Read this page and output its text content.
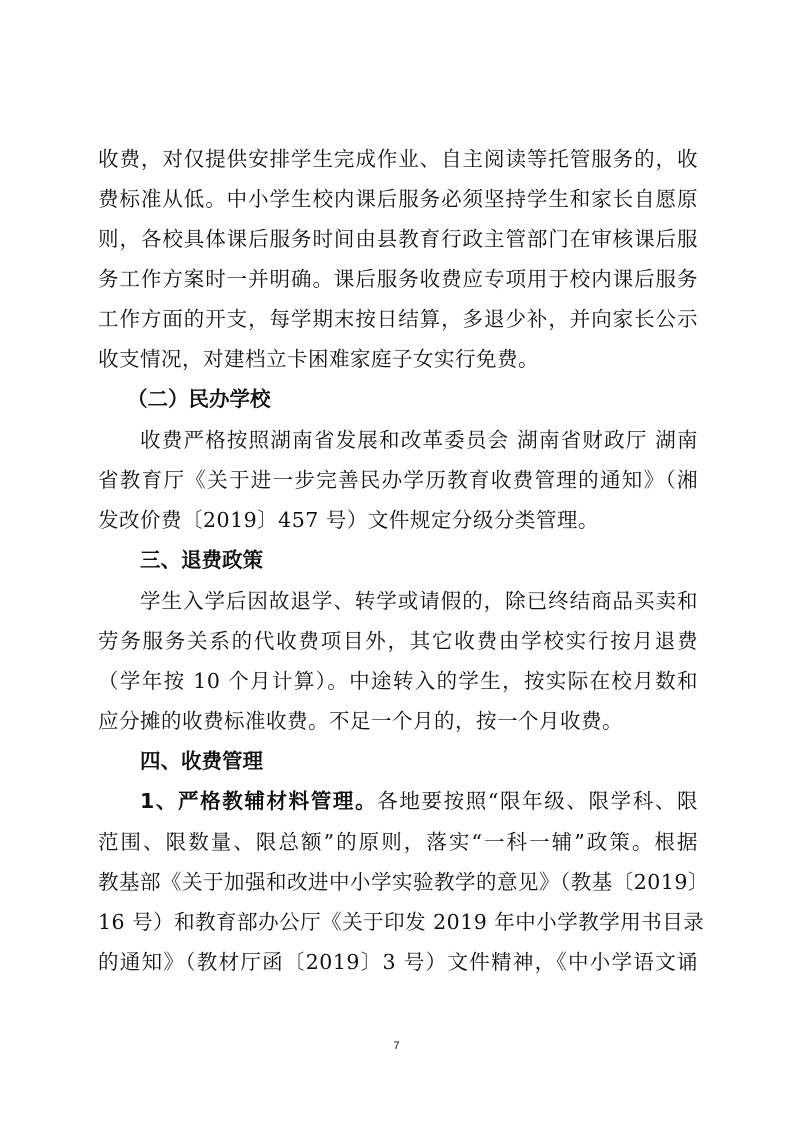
收费，对仅提供安排学生完成作业、自主阅读等托管服务的，收
费标准从低。中小学生校内课后服务必须坚持学生和家长自愿原
则，各校具体课后服务时间由县教育行政主管部门在审核课后服
务工作方案时一并明确。课后服务收费应专项用于校内课后服务
工作方面的开支，每学期末按日结算，多退少补，并向家长公示
收支情况，对建档立卡困难家庭子女实行免费。
（二）民办学校
收费严格按照湖南省发展和改革委员会 湖南省财政厅 湖南
省教育厅《关于进一步完善民办学历教育收费管理的通知》（湘
发改价费〔2019〕457 号）文件规定分级分类管理。
三、退费政策
学生入学后因故退学、转学或请假的，除已终结商品买卖和
劳务服务关系的代收费项目外，其它收费由学校实行按月退费
（学年按 10 个月计算）。中途转入的学生，按实际在校月数和
应分摊的收费标准收费。不足一个月的，按一个月收费。
四、收费管理
1、严格教辅材料管理。各地要按照“限年级、限学科、限
范围、限数量、限总额”的原则，落实“一科一辅”政策。根据
教基部《关于加强和改进中小学实验教学的意见》（教基〔2019〕
16 号）和教育部办公厅《关于印发 2019 年中小学教学用书目录
的通知》（教材厅函〔2019〕3 号）文件精神，《中小学语文诵
7
